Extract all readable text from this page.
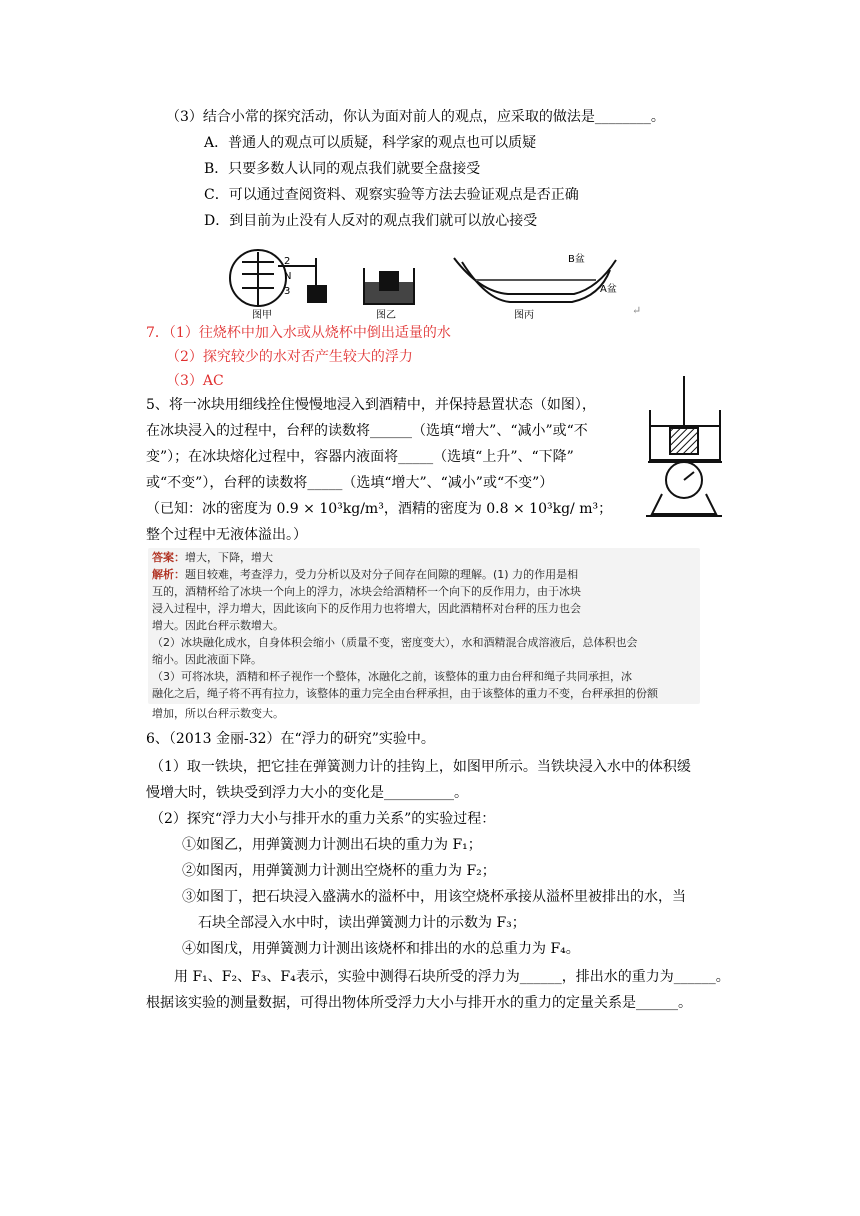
（3）结合小常的探究活动，你认为面对前人的观点，应采取的做法是________。
A．普通人的观点可以质疑，科学家的观点也可以质疑
B．只要多数人认同的观点我们就要全盘接受
C．可以通过查阅资料、观察实验等方法去验证观点是否正确
D．到目前为止没有人反对的观点我们就可以放心接受
2
N
3
图甲	图乙
B盆
A盆
图丙	↵
7．（1）往烧杯中加入水或从烧杯中倒出适量的水
（2）探究较少的水对否产生较大的浮力
（3）AC
5、将一冰块用细线拴住慢慢地浸入到酒精中，并保持悬置状态（如图），
在冰块浸入的过程中，台秤的读数将______（选填“增大”、“减小”或“不
变”）；在冰块熔化过程中，容器内液面将_____（选填“上升”、“下降”
或“不变”），台秤的读数将_____（选填“增大”、“减小”或“不变”）
（已知：冰的密度为 0.9 × 10³kg/m³，酒精的密度为 0.8 × 10³kg/ m³；
整个过程中无液体溢出。）
答案：增大，下降，增大
解析：题目较难，考查浮力，受力分析以及对分子间存在间隙的理解。(1) 力的作用是相
互的，酒精杯给了冰块一个向上的浮力，冰块会给酒精杯一个向下的反作用力，由于冰块
浸入过程中，浮力增大，因此该向下的反作用力也将增大，因此酒精杯对台秤的压力也会
增大。因此台秤示数增大。
（2）冰块融化成水，自身体积会缩小（质量不变，密度变大），水和酒精混合成溶液后，总体积也会
缩小。因此液面下降。
（3）可将冰块，酒精和杯子视作一个整体，冰融化之前，该整体的重力由台秤和绳子共同承担，冰
融化之后，绳子将不再有拉力，该整体的重力完全由台秤承担，由于该整体的重力不变，台秤承担的份额
增加，所以台秤示数变大。
6、（2013 金丽-32）在“浮力的研究”实验中。
（1）取一铁块，把它挂在弹簧测力计的挂钩上，如图甲所示。当铁块浸入水中的体积缓
慢增大时，铁块受到浮力大小的变化是__________。
（2）探究“浮力大小与排开水的重力关系”的实验过程：
①如图乙，用弹簧测力计测出石块的重力为 F₁；
②如图丙，用弹簧测力计测出空烧杯的重力为 F₂；
③如图丁，把石块浸入盛满水的溢杯中，用该空烧杯承接从溢杯里被排出的水，当
石块全部浸入水中时，读出弹簧测力计的示数为 F₃；
④如图戊，用弹簧测力计测出该烧杯和排出的水的总重力为 F₄。
用 F₁、F₂、F₃、F₄表示，实验中测得石块所受的浮力为______，排出水的重力为______。
根据该实验的测量数据，可得出物体所受浮力大小与排开水的重力的定量关系是______。
